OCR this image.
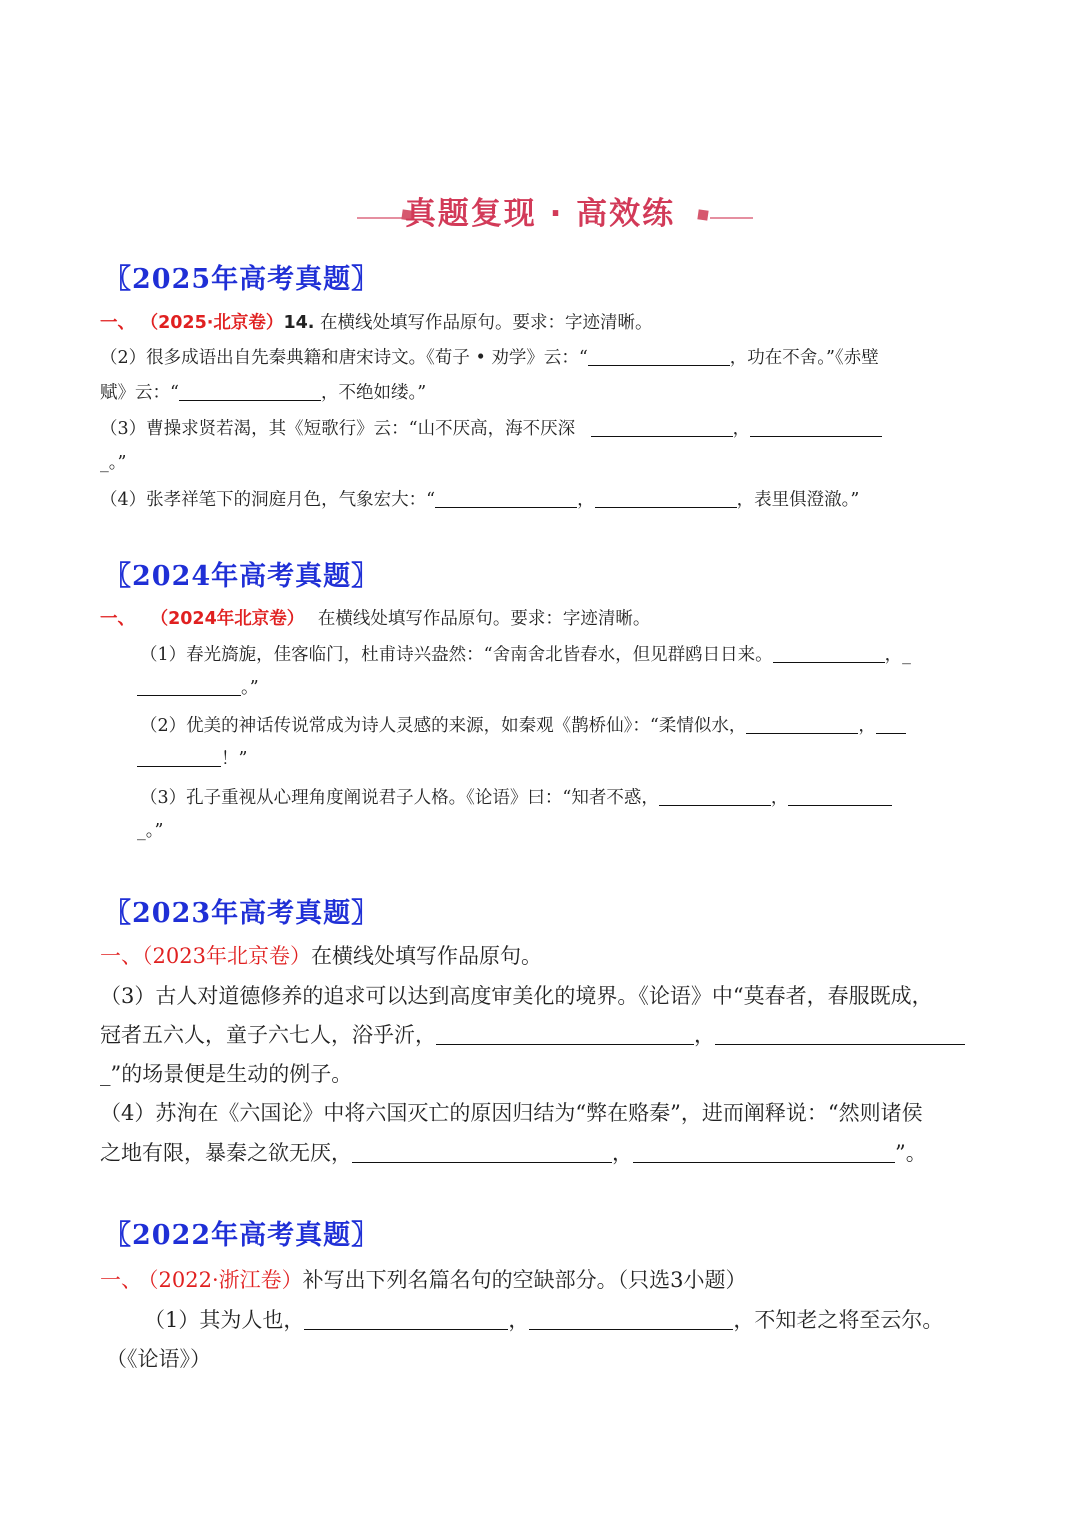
真题复现 · 高效练
〖2025年高考真题〗
一、 （2025·北京卷）14. 在横线处填写作品原句。要求：字迹清晰。
（2）很多成语出自先秦典籍和唐宋诗文。《荀子 • 劝学》云：“	，功在不舍。”《赤壁
赋》云：“	，不绝如缕。”
（3）曹操求贤若渴，其《短歌行》云：“山不厌高，海不厌深	，
_。”
（4）张孝祥笔下的洞庭月色，气象宏大：“	，	，表里俱澄澈。”
〖2024年高考真题〗
一、 （2024年北京卷） 在横线处填写作品原句。要求：字迹清晰。
（1）春光旖旎，佳客临门，杜甫诗兴盎然：“舍南舍北皆春水，但见群鸥日日来。	，_
。”
（2）优美的神话传说常成为诗人灵感的来源，如秦观《鹊桥仙》：“柔情似水，	，
！”
（3）孔子重视从心理角度阐说君子人格。《论语》曰：“知者不惑，	，
_。”
〖2023年高考真题〗
一、（2023年北京卷）在横线处填写作品原句。
（3）古人对道德修养的追求可以达到高度审美化的境界。《论语》中“莫春者，春服既成，
冠者五六人，童子六七人，浴乎沂，	，
_”的场景便是生动的例子。
（4）苏洵在《六国论》中将六国灭亡的原因归结为“弊在赂秦”，进而阐释说：“然则诸侯
之地有限，暴秦之欲无厌，	，	”。
〖2022年高考真题〗
一、 （2022·浙江卷）补写出下列名篇名句的空缺部分。（只选3小题）
（1）其为人也，	，	，不知老之将至云尔。
（《论语》）
